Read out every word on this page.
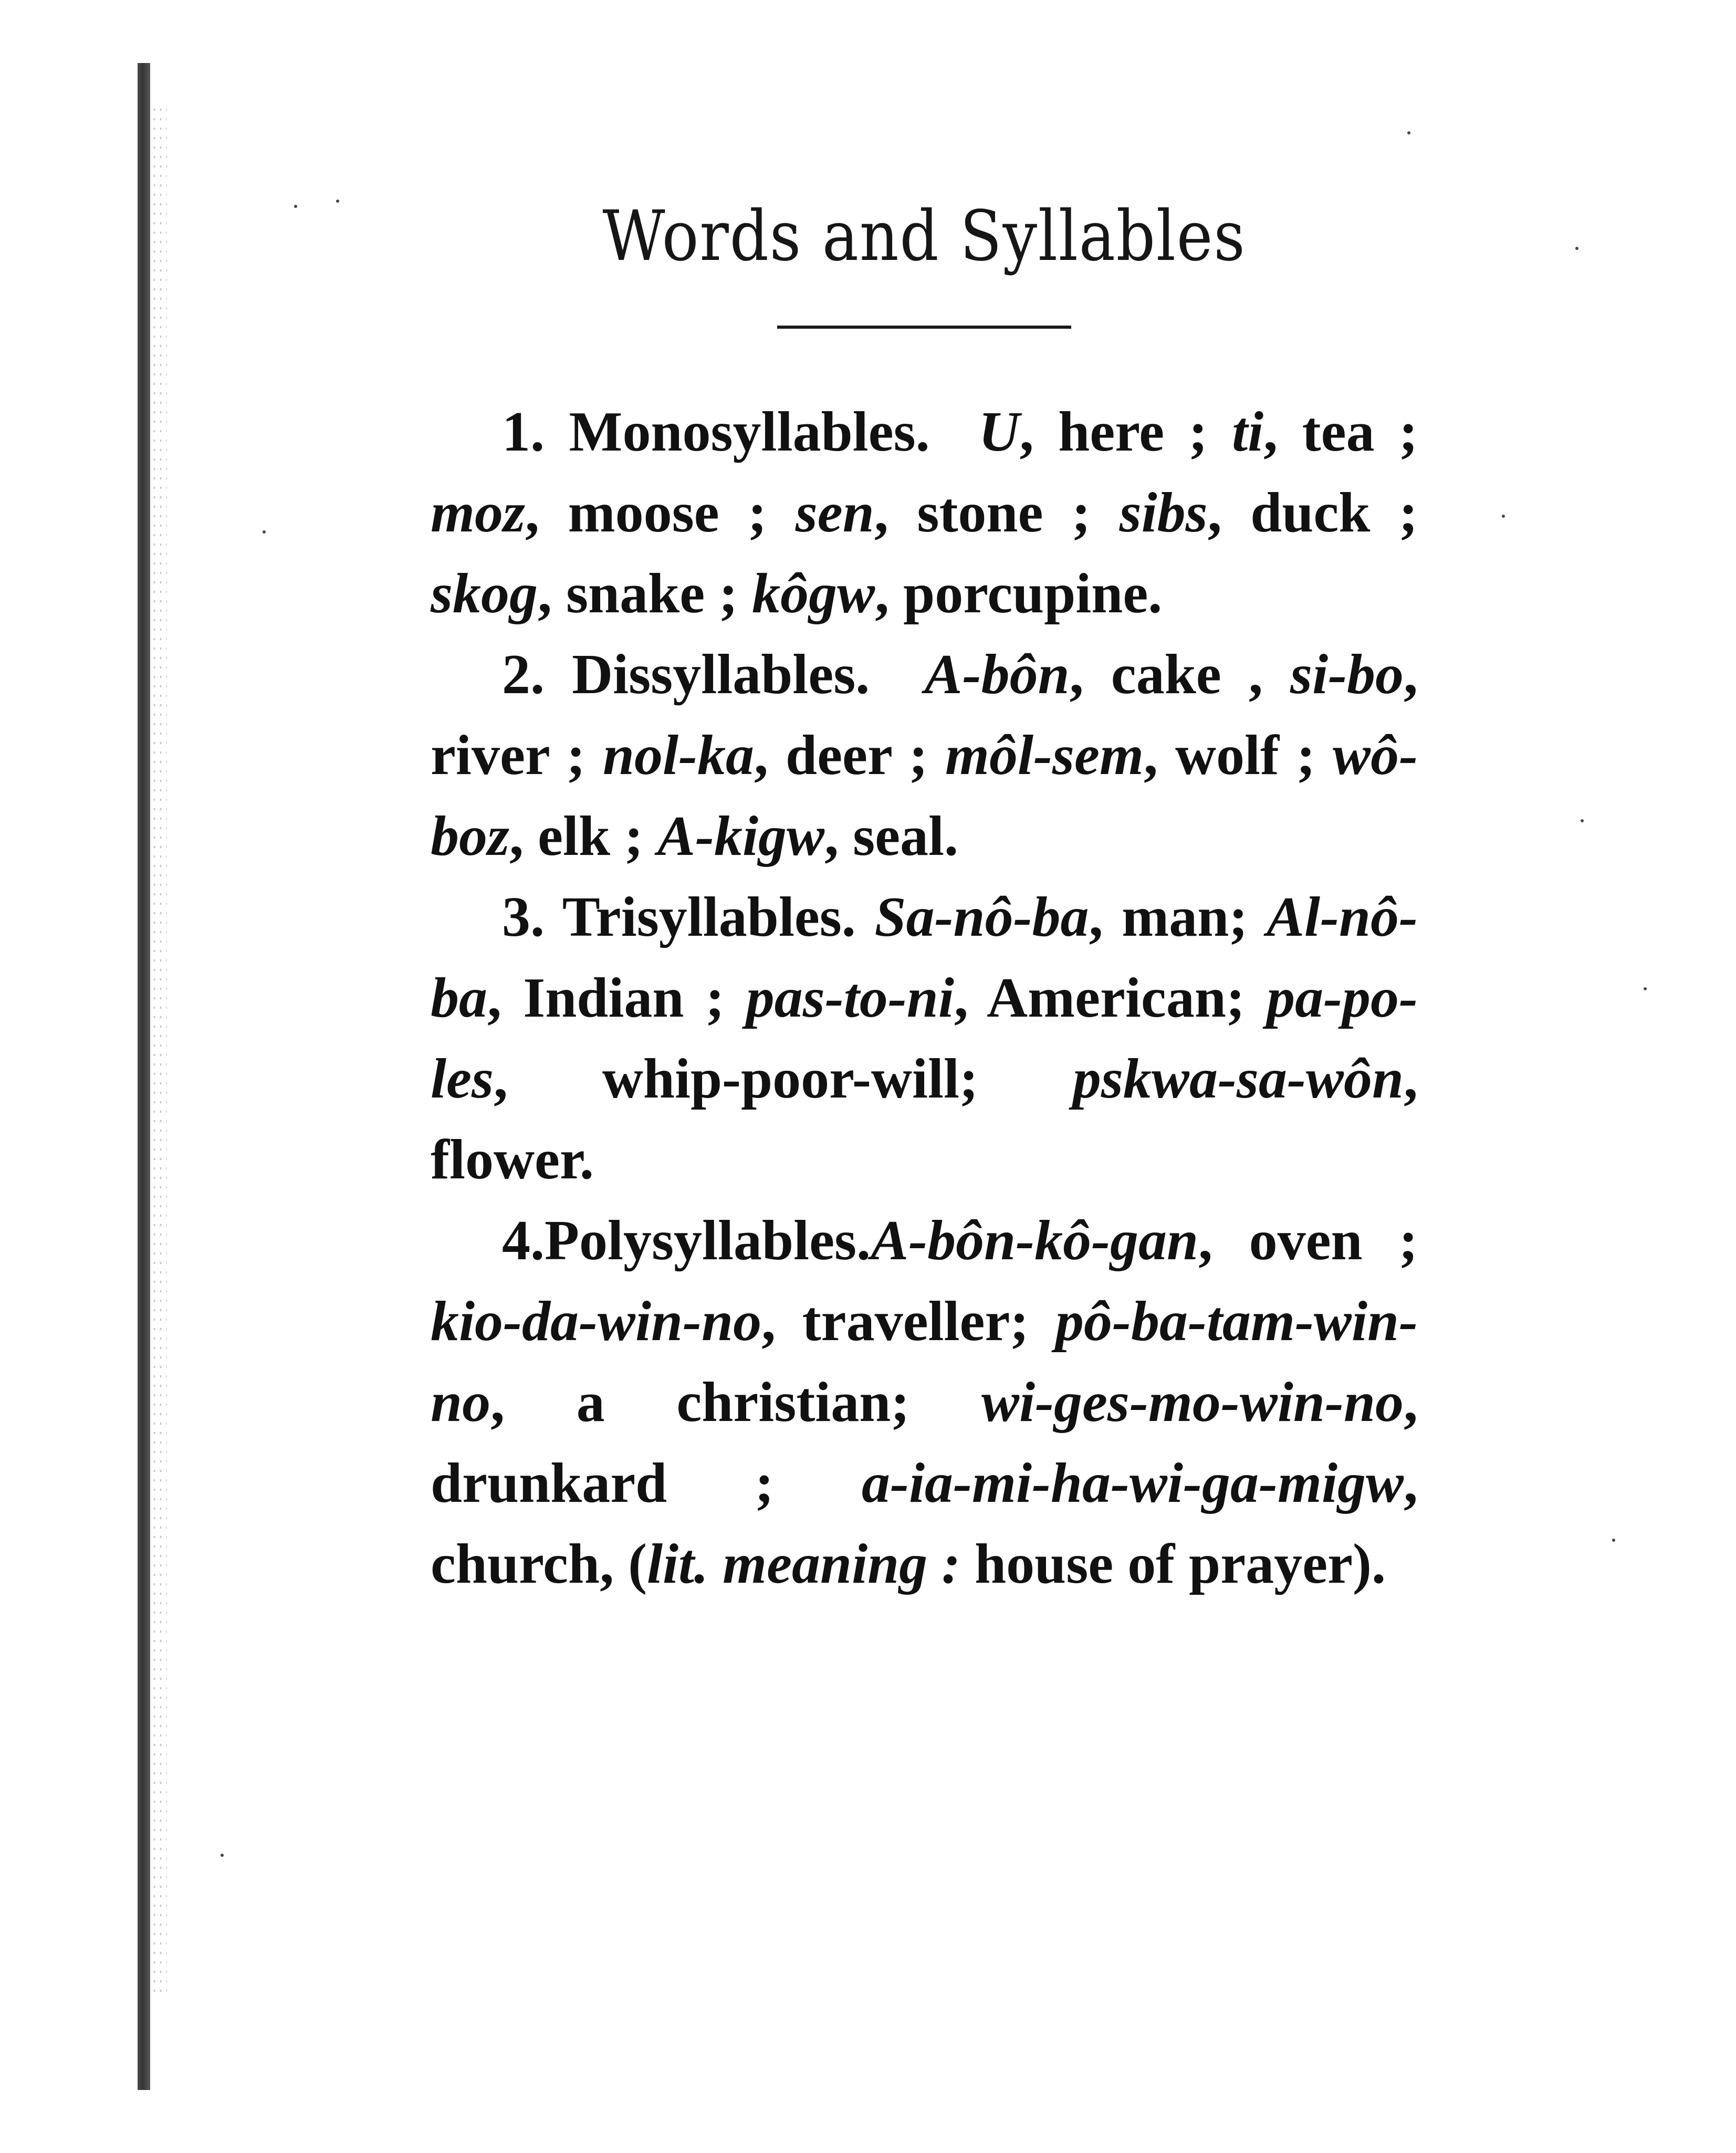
Words and Syllables

1. Monosyllables. U, here ; ti, tea ; moz, moose ; sen, stone ; sibs, duck ; skog, snake ; kôgw, porcupine.

2. Dissyllables. A-bôn, cake , si-bo, river ; nol-ka, deer ; môl-sem, wolf ; wô-boz, elk ; A-kigw, seal.

3. Trisyllables. Sa-nô-ba, man; Al-nô-ba, Indian ; pas-to-ni, American; pa-po-les, whip-poor-will; pskwa-sa-wôn, flower.

4.Polysyllables.A-bôn-kô-gan, oven ; kio-da-win-no, traveller; pô-ba-tam-win-no, a christian; wi-ges-mo-win-no, drunkard ; a-ia-mi-ha-wi-ga-migw, church, (lit. meaning : house of prayer).
